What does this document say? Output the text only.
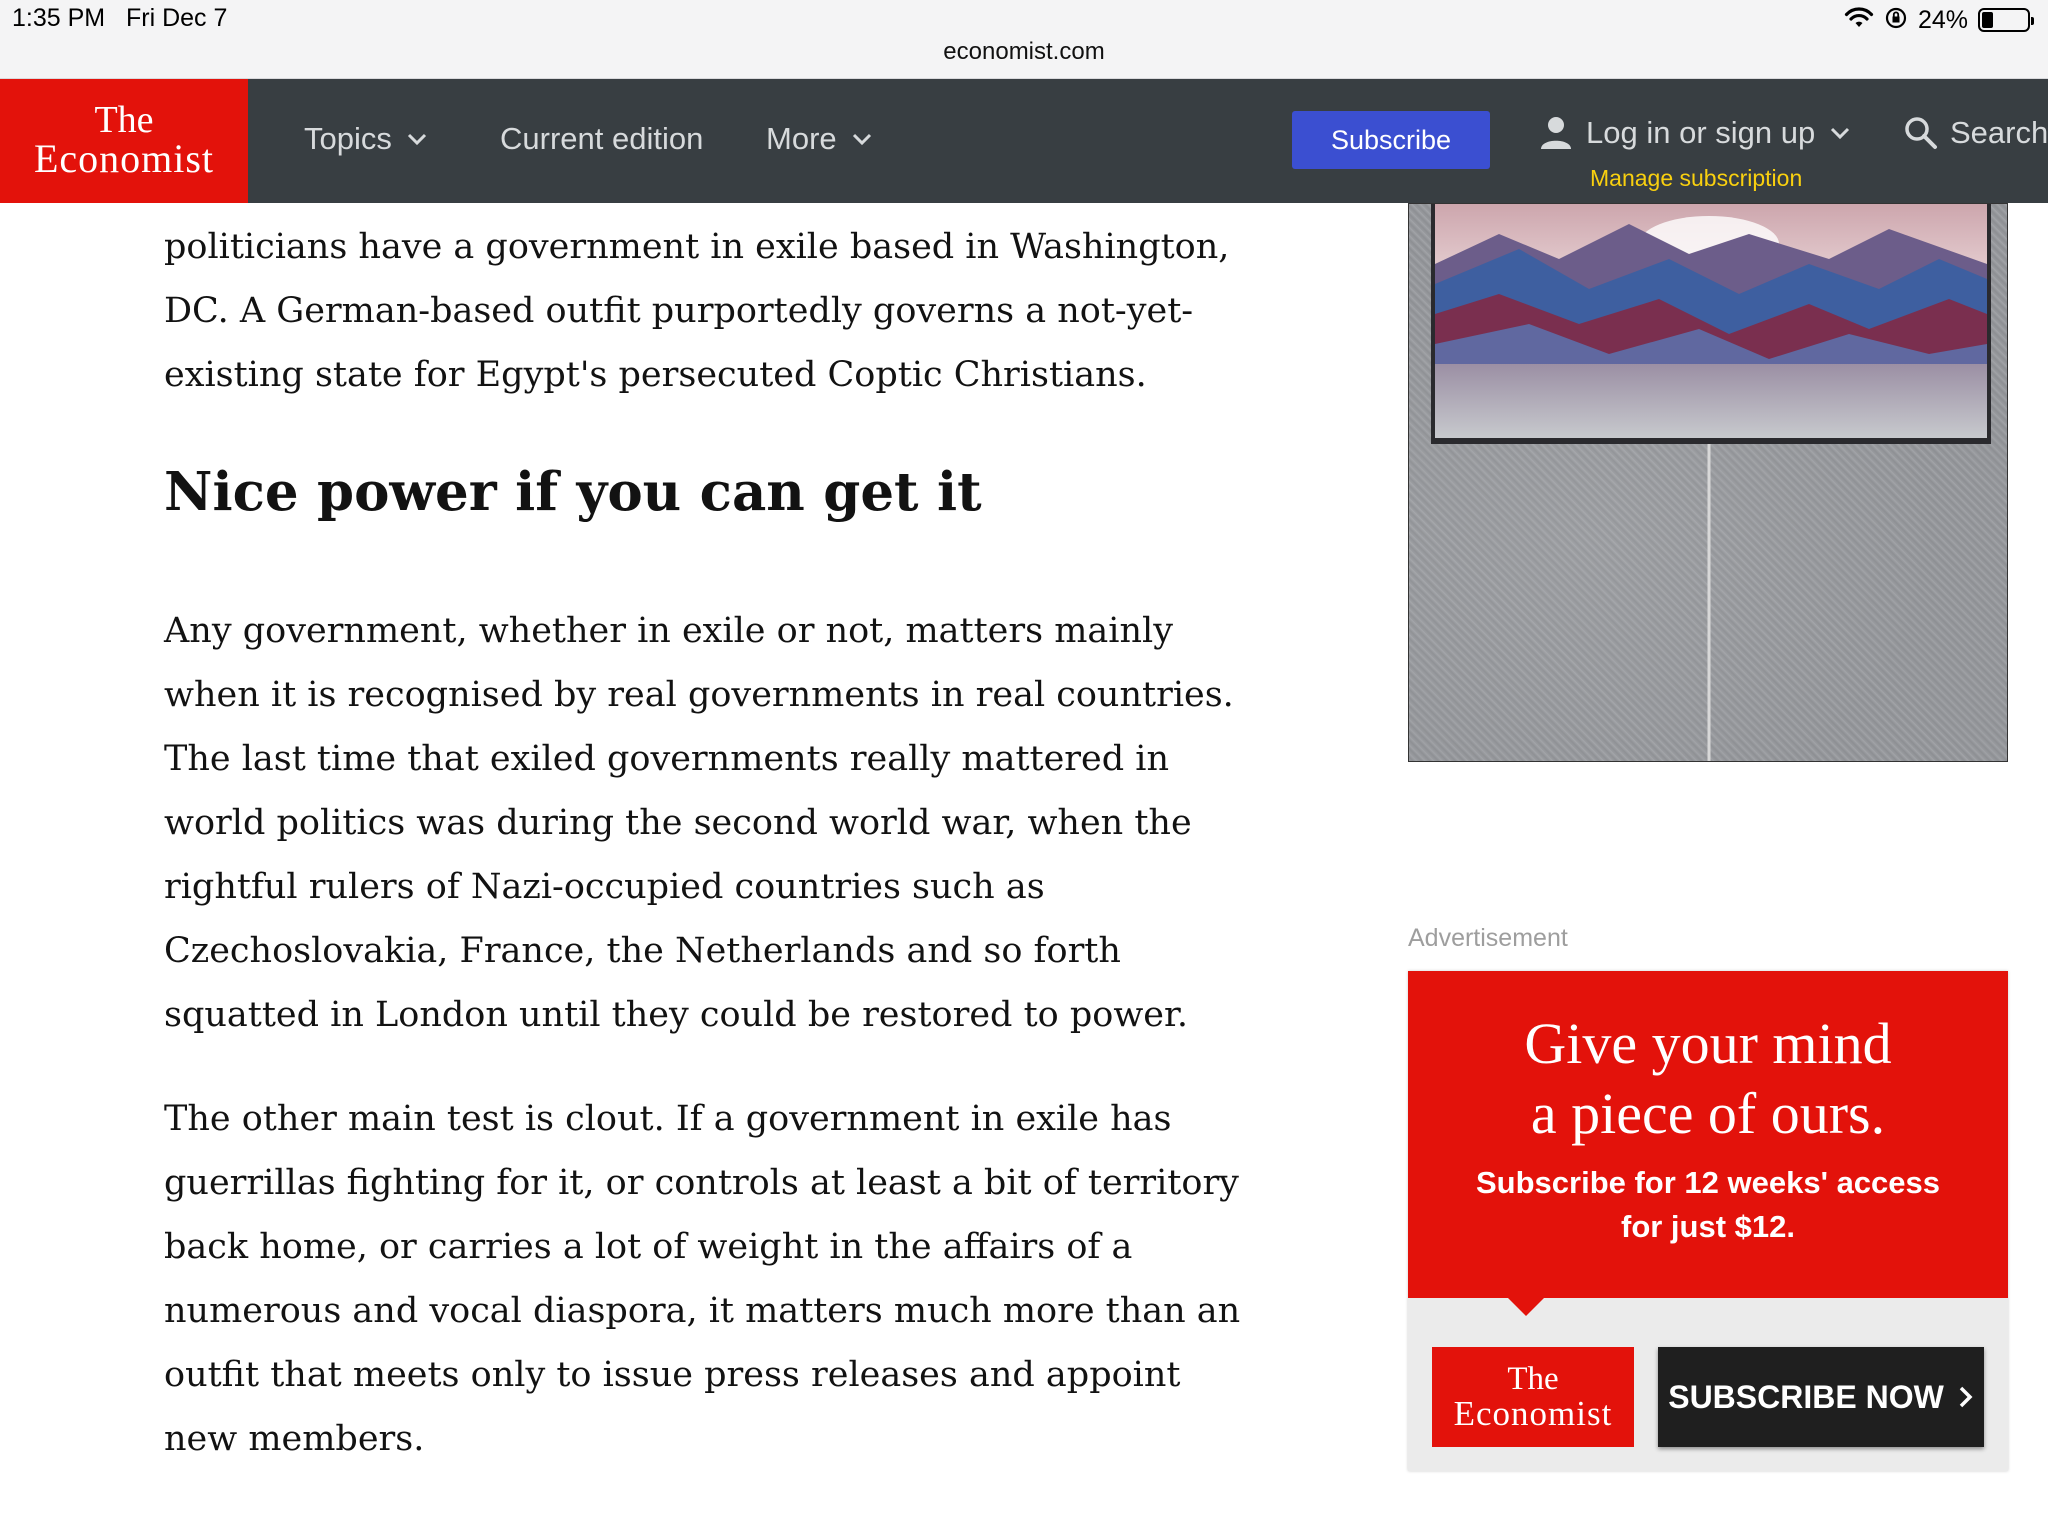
1:35 PM Fri Dec 7	24%
economist.com
The
Economist	Topics	Current edition More	Subscribe	Log in or sign up
Manage subscription
Search

politicians have a government in exile based in Washington, DC. A German-based outfit purportedly governs a not-yet-existing state for Egypt's persecuted Coptic Christians.

Nice power if you can get it

Any government, whether in exile or not, matters mainly when it is recognised by real governments in real countries. The last time that exiled governments really mattered in world politics was during the second world war, when the rightful rulers of Nazi-occupied countries such as Czechoslovakia, France, the Netherlands and so forth squatted in London until they could be restored to power.

The other main test is clout. If a government in exile has guerrillas fighting for it, or controls at least a bit of territory back home, or carries a lot of weight in the affairs of a numerous and vocal diaspora, it matters much more than an outfit that meets only to issue press releases and appoint new members.

Advertisement
Give your mind
a piece of ours.
Subscribe for 12 weeks' access
for just $12.
The
Economist	SUBSCRIBE NOW
